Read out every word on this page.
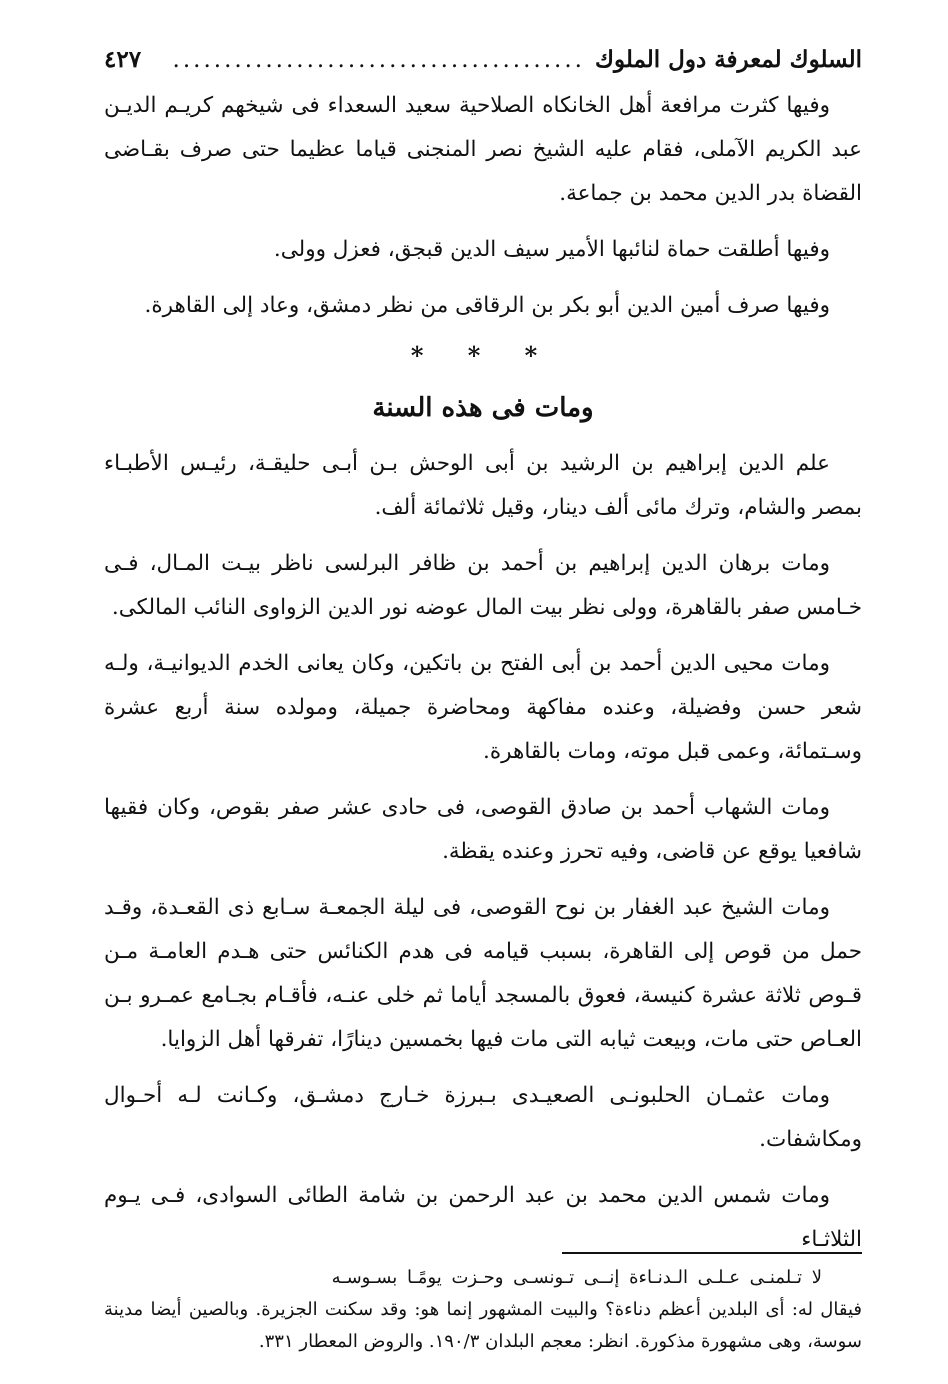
السلوك لمعرفة دول الملوك
........................................
٤٢٧

وفيها كثرت مرافعة أهل الخانكاه الصلاحية سعيد السعداء فى شيخهم كريـم الديـن عبد الكريم الآملى، فقام عليه الشيخ نصر المنجنى قياما عظيما حتى صرف بقـاضى القضاة بدر الدين محمد بن جماعة.

وفيها أطلقت حماة لنائبها الأمير سيف الدين قبجق، فعزل وولى.

وفيها صرف أمين الدين أبو بكر بن الرقاقى من نظر دمشق، وعاد إلى القاهرة.

* * *
ومات فى هذه السنة

علم الدين إبراهيم بن الرشيد بن أبى الوحش بـن أبـى حليقـة، رئيـس الأطبـاء بمصر والشام، وترك مائى ألف دينار، وقيل ثلاثمائة ألف.

ومات برهان الدين إبراهيم بن أحمد بن ظافر البرلسى ناظر بيـت المـال، فـى خـامس صفر بالقاهرة، وولى نظر بيت المال عوضه نور الدين الزواوى النائب المالكى.

ومات محيى الدين أحمد بن أبى الفتح بن باتكين، وكان يعانى الخدم الديوانيـة، ولـه شعر حسن وفضيلة، وعنده مفاكهة ومحاضرة جميلة، ومولده سنة أربع عشرة وسـتمائة، وعمى قبل موته، ومات بالقاهرة.

ومات الشهاب أحمد بن صادق القوصى، فى حادى عشر صفر بقوص، وكان فقيها شافعيا يوقع عن قاضى، وفيه تحرز وعنده يقظة.

ومات الشيخ عبد الغفار بن نوح القوصى، فى ليلة الجمعـة سـابع ذى القعـدة، وقـد حمل من قوص إلى القاهرة، بسبب قيامه فى هدم الكنائس حتى هـدم العامـة مـن قـوص ثلاثة عشرة كنيسة، فعوق بالمسجد أياما ثم خلى عنـه، فأقـام بجـامع عمـرو بـن العـاص حتى مات، وبيعت ثيابه التى مات فيها بخمسين دينارًا، تفرقها أهل الزوايا.

ومات عثمـان الحلبونـى الصعيـدى بـبرزة خـارج دمشـق، وكـانت لـه أحـوال ومكاشفات.

ومات شمس الدين محمد بن عبد الرحمن بن شامة الطائى السوادى، فـى يـوم الثلاثـاء

لا تـلمنـى عـلـى الـدنـاءة إنــى تـونسـى وحـزت يومًـا بسـوسـه

فيقال له: أى البلدين أعظم دناءة؟ والبيت المشهور إنما هو: وقد سكنت الجزيرة. وبالصين أيضا مدينة سوسة، وهى مشهورة مذكورة. انظر: معجم البلدان ١٩٠/٣. والروض المعطار ٣٣١.
